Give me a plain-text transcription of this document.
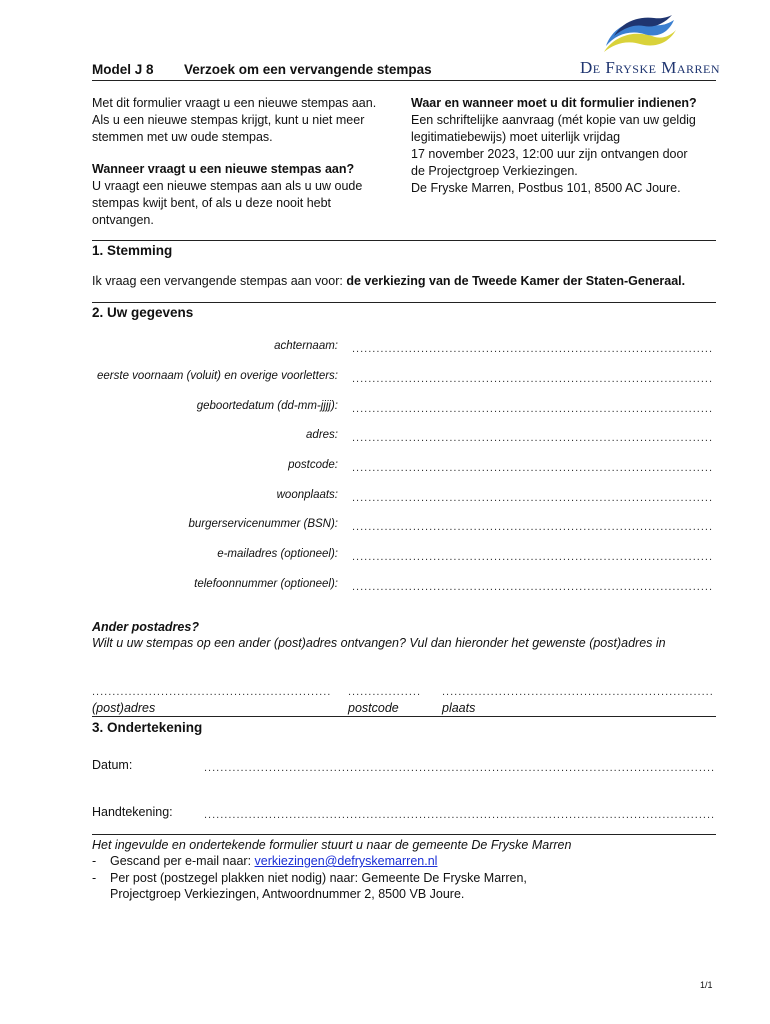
De Fryske Marren
Model J 8 Verzoek om een vervangende stempas
Met dit formulier vraagt u een nieuwe stempas aan.
Als u een nieuwe stempas krijgt, kunt u niet meer
stemmen met uw oude stempas.
Wanneer vraagt u een nieuwe stempas aan?
U vraagt een nieuwe stempas aan als u uw oude
stempas kwijt bent, of als u deze nooit hebt
ontvangen.
Waar en wanneer moet u dit formulier indienen?
Een schriftelijke aanvraag (mét kopie van uw geldig
legitimatiebewijs) moet uiterlijk vrijdag
17 november 2023, 12:00 uur zijn ontvangen door
de Projectgroep Verkiezingen.
De Fryske Marren, Postbus 101, 8500 AC Joure.
1. Stemming
Ik vraag een vervangende stempas aan voor: de verkiezing van de Tweede Kamer der Staten-Generaal.
2. Uw gegevens
achternaam:
.....
eerste voornaam (voluit) en overige voorletters:
.....
geboortedatum (dd-mm-jjjj):
.....
adres:
.....
postcode:
.....
woonplaats:
.....
burgerservicenummer (BSN):
.....
e-mailadres (optioneel):
.....
telefoonnummer (optioneel):
.....
Ander postadres?
Wilt u uw stempas op een ander (post)adres ontvangen? Vul dan hieronder het gewenste (post)adres in
.....
.....
.....
(post)adres	postcode	plaats
3. Ondertekening
Datum:
.....
Handtekening:
.....
Het ingevulde en ondertekende formulier stuurt u naar de gemeente De Fryske Marren
- Gescand per e-mail naar: verkiezingen@defryskemarren.nl
- Per post (postzegel plakken niet nodig) naar: Gemeente De Fryske Marren,
Projectgroep Verkiezingen, Antwoordnummer 2, 8500 VB Joure.
1/1
